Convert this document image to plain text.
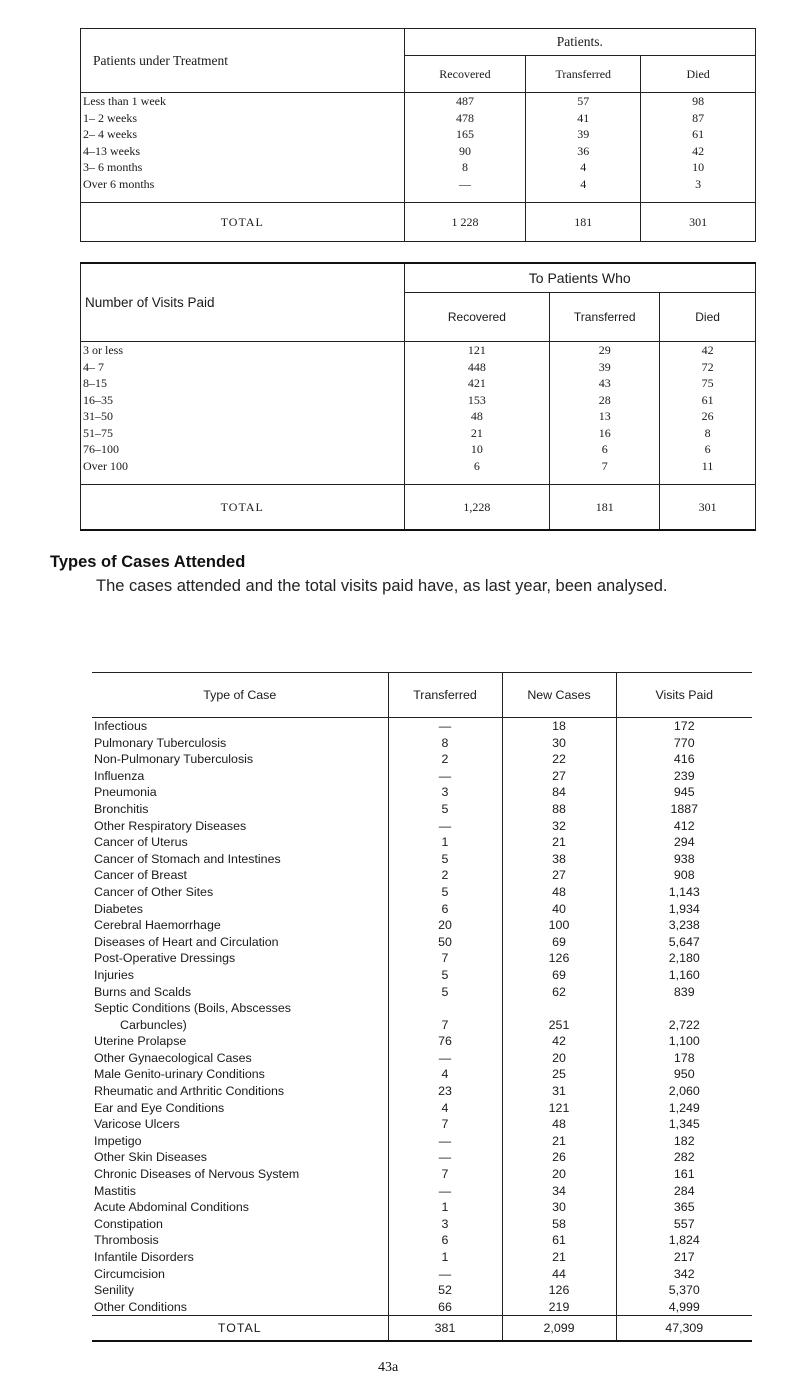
Patients under Treatment	Patients.		
	Recovered	Transferred	Died
Less than 1 week	487	57	98
1– 2 weeks	478	41	87
2– 4 weeks	165	39	61
4–13 weeks	90	36	42
3– 6 months	8	4	10
Over 6 months	—	4	3

TOTAL	1 228	181	301
Number of Visits Paid	To Patients Who		
	Recovered	Transferred	Died
3 or less	121	29	42
4– 7	448	39	72
8–15	421	43	75
16–35	153	28	61
31–50	48	13	26
51–75	21	16	8
76–100	10	6	6
Over 100	6	7	11

TOTAL	1,228	181	301
Types of Cases Attended
The cases attended and the total visits paid have, as last year, been analysed.
Type of Case	Transferred	New Cases	Visits Paid
Infectious	—	18	172
Pulmonary Tuberculosis	8	30	770
Non-Pulmonary Tuberculosis	2	22	416
Influenza	—	27	239
Pneumonia	3	84	945
Bronchitis	5	88	1887
Other Respiratory Diseases	—	32	412
Cancer of Uterus	1	21	294
Cancer of Stomach and Intestines	5	38	938
Cancer of Breast	2	27	908
Cancer of Other Sites	5	48	1,143
Diabetes	6	40	1,934
Cerebral Haemorrhage	20	100	3,238
Diseases of Heart and Circulation	50	69	5,647
Post-Operative Dressings	7	126	2,180
Injuries	5	69	1,160
Burns and Scalds	5	62	839
Septic Conditions (Boils, Abscesses			
Carbuncles)	7	251	2,722
Uterine Prolapse	76	42	1,100
Other Gynaecological Cases	—	20	178
Male Genito-urinary Conditions	4	25	950
Rheumatic and Arthritic Conditions	23	31	2,060
Ear and Eye Conditions	4	121	1,249
Varicose Ulcers	7	48	1,345
Impetigo	—	21	182
Other Skin Diseases	—	26	282
Chronic Diseases of Nervous System	7	20	161
Mastitis	—	34	284
Acute Abdominal Conditions	1	30	365
Constipation	3	58	557
Thrombosis	6	61	1,824
Infantile Disorders	1	21	217
Circumcision	—	44	342
Senility	52	126	5,370
Other Conditions	66	219	4,999
TOTAL	381	2,099	47,309
43a
